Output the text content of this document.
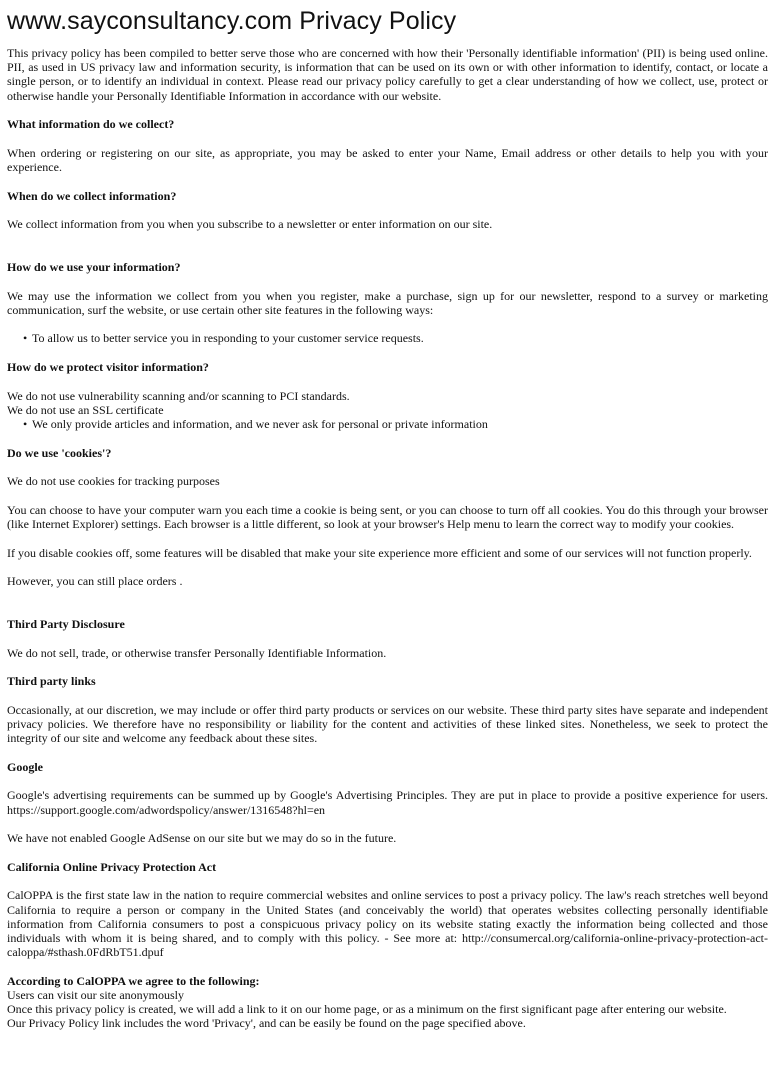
www.sayconsultancy.com Privacy Policy

This privacy policy has been compiled to better serve those who are concerned with how their 'Personally identifiable information' (PII) is being used online. PII, as used in US privacy law and information security, is information that can be used on its own or with other information to identify, contact, or locate a single person, or to identify an individual in context. Please read our privacy policy carefully to get a clear understanding of how we collect, use, protect or otherwise handle your Personally Identifiable Information in accordance with our website.

What information do we collect?

When ordering or registering on our site, as appropriate, you may be asked to enter your Name, Email address or other details to help you with your experience.

When do we collect information?

We collect information from you when you subscribe to a newsletter or enter information on our site.

How do we use your information?

We may use the information we collect from you when you register, make a purchase, sign up for our newsletter, respond to a survey or marketing communication, surf the website, or use certain other site features in the following ways:

• To allow us to better service you in responding to your customer service requests.

How do we protect visitor information?

We do not use vulnerability scanning and/or scanning to PCI standards.

We do not use an SSL certificate

• We only provide articles and information, and we never ask for personal or private information

Do we use 'cookies'?

We do not use cookies for tracking purposes

You can choose to have your computer warn you each time a cookie is being sent, or you can choose to turn off all cookies. You do this through your browser (like Internet Explorer) settings. Each browser is a little different, so look at your browser's Help menu to learn the correct way to modify your cookies.

If you disable cookies off, some features will be disabled that make your site experience more efficient and some of our services will not function properly.

However, you can still place orders .

Third Party Disclosure

We do not sell, trade, or otherwise transfer Personally Identifiable Information.

Third party links

Occasionally, at our discretion, we may include or offer third party products or services on our website. These third party sites have separate and independent privacy policies. We therefore have no responsibility or liability for the content and activities of these linked sites. Nonetheless, we seek to protect the integrity of our site and welcome any feedback about these sites.

Google

Google's advertising requirements can be summed up by Google's Advertising Principles. They are put in place to provide a positive experience for users. https://support.google.com/adwordspolicy/answer/1316548?hl=en

We have not enabled Google AdSense on our site but we may do so in the future.

California Online Privacy Protection Act

CalOPPA is the first state law in the nation to require commercial websites and online services to post a privacy policy. The law's reach stretches well beyond California to require a person or company in the United States (and conceivably the world) that operates websites collecting personally identifiable information from California consumers to post a conspicuous privacy policy on its website stating exactly the information being collected and those individuals with whom it is being shared, and to comply with this policy. - See more at: http://consumercal.org/california-online-privacy-protection-act-caloppa/#sthash.0FdRbT51.dpuf

According to CalOPPA we agree to the following:

Users can visit our site anonymously

Once this privacy policy is created, we will add a link to it on our home page, or as a minimum on the first significant page after entering our website.

Our Privacy Policy link includes the word 'Privacy', and can be easily be found on the page specified above.
